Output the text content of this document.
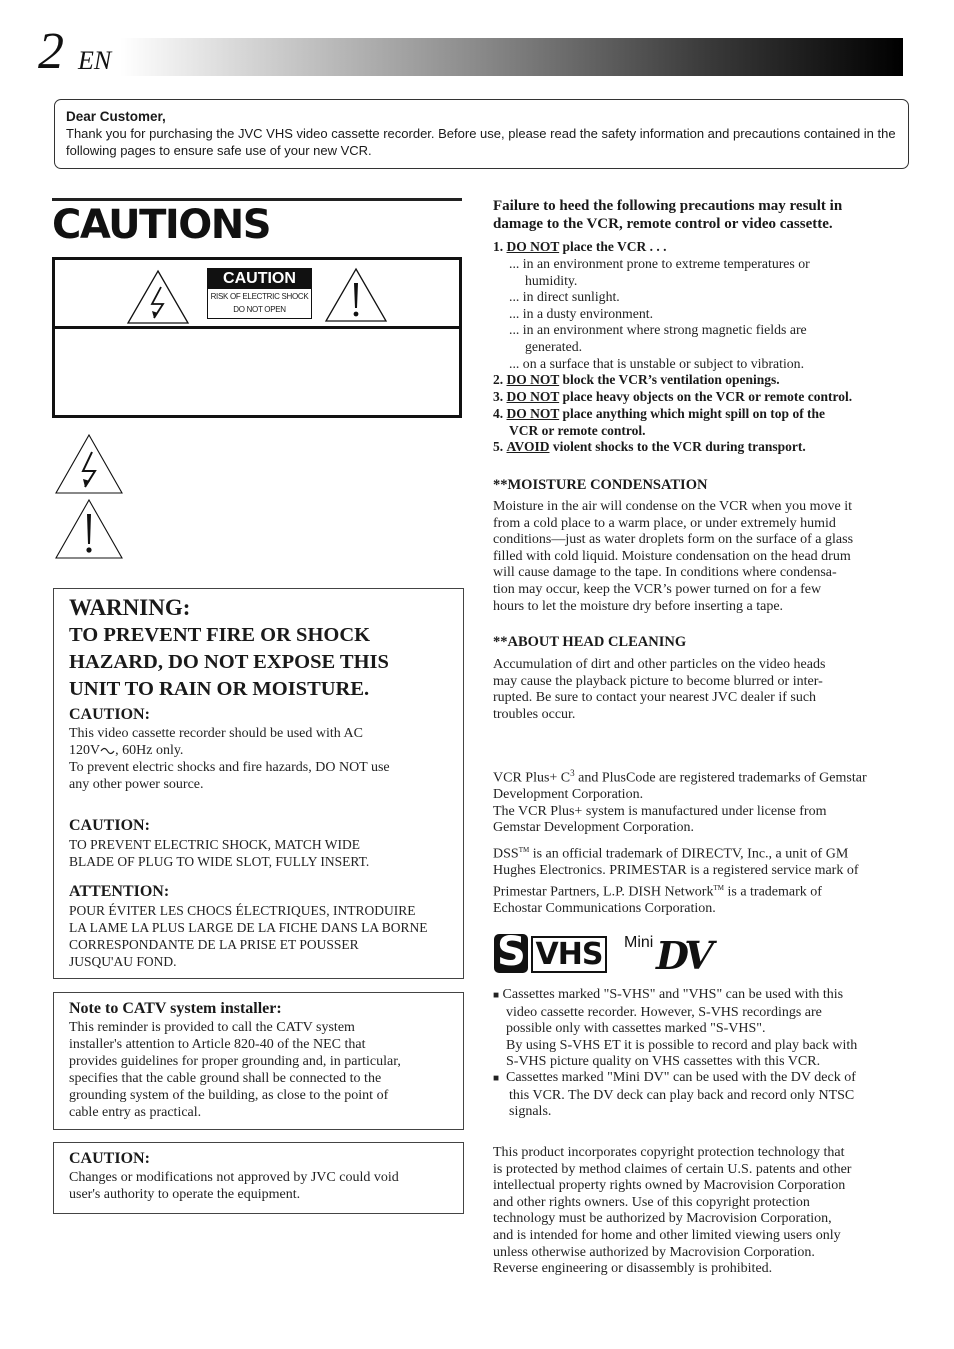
2 EN
Dear Customer,
Thank you for purchasing the JVC VHS video cassette recorder. Before use, please read the safety information and precautions contained in the following pages to ensure safe use of your new VCR.
CAUTIONS
CAUTION
RISK OF ELECTRIC SHOCK
DO NOT OPEN
WARNING:
TO PREVENT FIRE OR SHOCK
HAZARD, DO NOT EXPOSE THIS
UNIT TO RAIN OR MOISTURE.
CAUTION:
This video cassette recorder should be used with AC
120V , 60Hz only.
To prevent electric shocks and fire hazards, DO NOT use
any other power source.
CAUTION:
TO PREVENT ELECTRIC SHOCK, MATCH WIDE
BLADE OF PLUG TO WIDE SLOT, FULLY INSERT.
ATTENTION:
POUR ÉVITER LES CHOCS ÉLECTRIQUES, INTRODUIRE
LA LAME LA PLUS LARGE DE LA FICHE DANS LA BORNE
CORRESPONDANTE DE LA PRISE ET POUSSER
JUSQU'AU FOND.
Note to CATV system installer:
This reminder is provided to call the CATV system
installer's attention to Article 820-40 of the NEC that
provides guidelines for proper grounding and, in particular,
specifies that the cable ground shall be connected to the
grounding system of the building, as close to the point of
cable entry as practical.
CAUTION:
Changes or modifications not approved by JVC could void
user's authority to operate the equipment.
Failure to heed the following precautions may result in
damage to the VCR, remote control or video cassette.
1. DO NOT place the VCR . . .
... in an environment prone to extreme temperatures or
humidity.
... in direct sunlight.
... in a dusty environment.
... in an environment where strong magnetic fields are
generated.
... on a surface that is unstable or subject to vibration.
2. DO NOT block the VCR’s ventilation openings.
3. DO NOT place heavy objects on the VCR or remote control.
4. DO NOT place anything which might spill on top of the
VCR or remote control.
5. AVOID violent shocks to the VCR during transport.
**MOISTURE CONDENSATION
Moisture in the air will condense on the VCR when you move it
from a cold place to a warm place, or under extremely humid
conditions—just as water droplets form on the surface of a glass
filled with cold liquid. Moisture condensation on the head drum
will cause damage to the tape. In conditions where condensa-
tion may occur, keep the VCR’s power turned on for a few
hours to let the moisture dry before inserting a tape.
**ABOUT HEAD CLEANING
Accumulation of dirt and other particles on the video heads
may cause the playback picture to become blurred or inter-
rupted. Be sure to contact your nearest JVC dealer if such
troubles occur.
VCR Plus+ $C^3$ and PlusCode are registered trademarks of Gemstar
Development Corporation.
The VCR Plus+ system is manufactured under license from
Gemstar Development Corporation.
DSS™ is an official trademark of DIRECTV, Inc., a unit of GM
Hughes Electronics. PRIMESTAR is a registered service mark of
Primestar Partners, L.P. DISH Network™ is a trademark of
Echostar Communications Corporation.
S VHS Mini DV
■ Cassettes marked "S-VHS" and "VHS" can be used with this
video cassette recorder. However, S-VHS recordings are
possible only with cassettes marked "S-VHS".
By using S-VHS ET it is possible to record and play back with
S-VHS picture quality on VHS cassettes with this VCR.
■ Cassettes marked "Mini DV" can be used with the DV deck of
this VCR. The DV deck can play back and record only NTSC
signals.
This product incorporates copyright protection technology that
is protected by method claimes of certain U.S. patents and other
intellectual property rights owned by Macrovision Corporation
and other rights owners. Use of this copyright protection
technology must be authorized by Macrovision Corporation,
and is intended for home and other limited viewing users only
unless otherwise authorized by Macrovision Corporation.
Reverse engineering or disassembly is prohibited.
